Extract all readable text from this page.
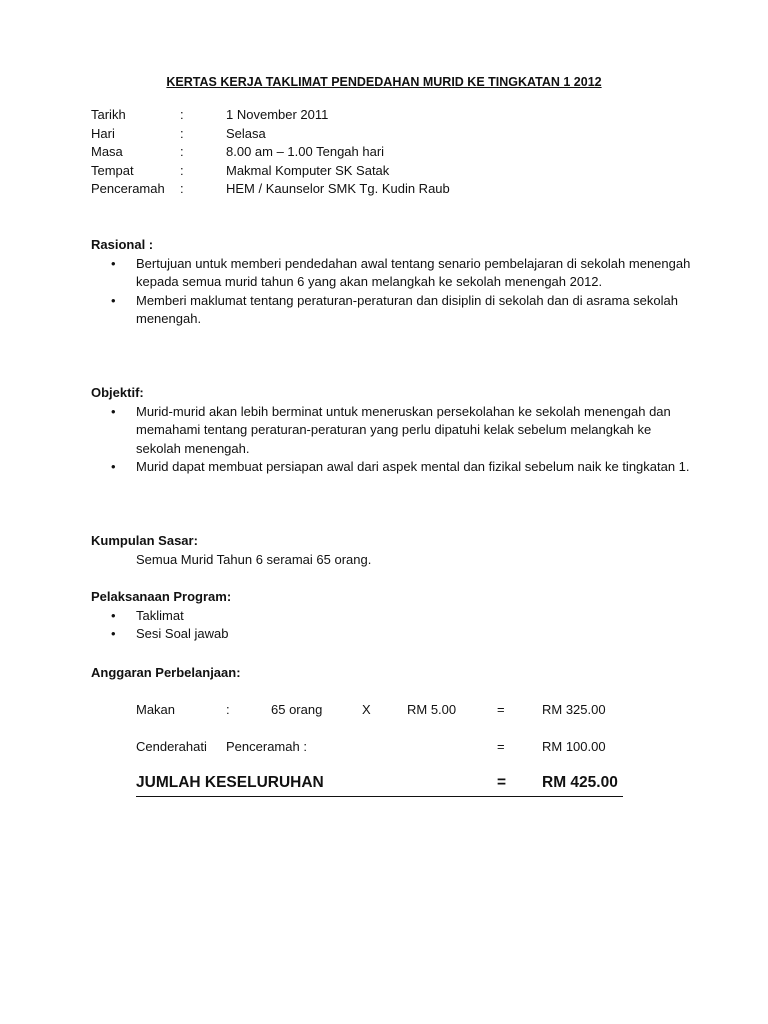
KERTAS KERJA TAKLIMAT PENDEDAHAN MURID KE TINGKATAN 1 2012
Tarikh	:	1 November 2011
Hari	:	Selasa
Masa	:	8.00 am – 1.00 Tengah hari
Tempat	:	Makmal Komputer SK Satak
Penceramah :	HEM / Kaunselor SMK Tg. Kudin Raub
Rasional :
• Bertujuan untuk memberi pendedahan awal tentang senario pembelajaran di sekolah menengah kepada semua murid tahun 6 yang akan melangkah ke sekolah menengah 2012.
• Memberi maklumat tentang peraturan-peraturan dan disiplin di sekolah dan di asrama sekolah menengah.
Objektif:
• Murid-murid akan lebih berminat untuk meneruskan persekolahan ke sekolah menengah dan memahami tentang peraturan-peraturan yang perlu dipatuhi kelak sebelum melangkah ke sekolah menengah.
• Murid dapat membuat persiapan awal dari aspek mental dan fizikal sebelum naik ke tingkatan 1.
Kumpulan Sasar:
Semua Murid Tahun 6 seramai 65 orang.
Pelaksanaan Program:
• Taklimat
• Sesi Soal jawab
Anggaran Perbelanjaan:
Makan	:	65 orang	X	RM 5.00	=	RM 325.00
Cenderahati Penceramah :	=	RM 100.00
JUMLAH KESELURUHAN	= RM 425.00
